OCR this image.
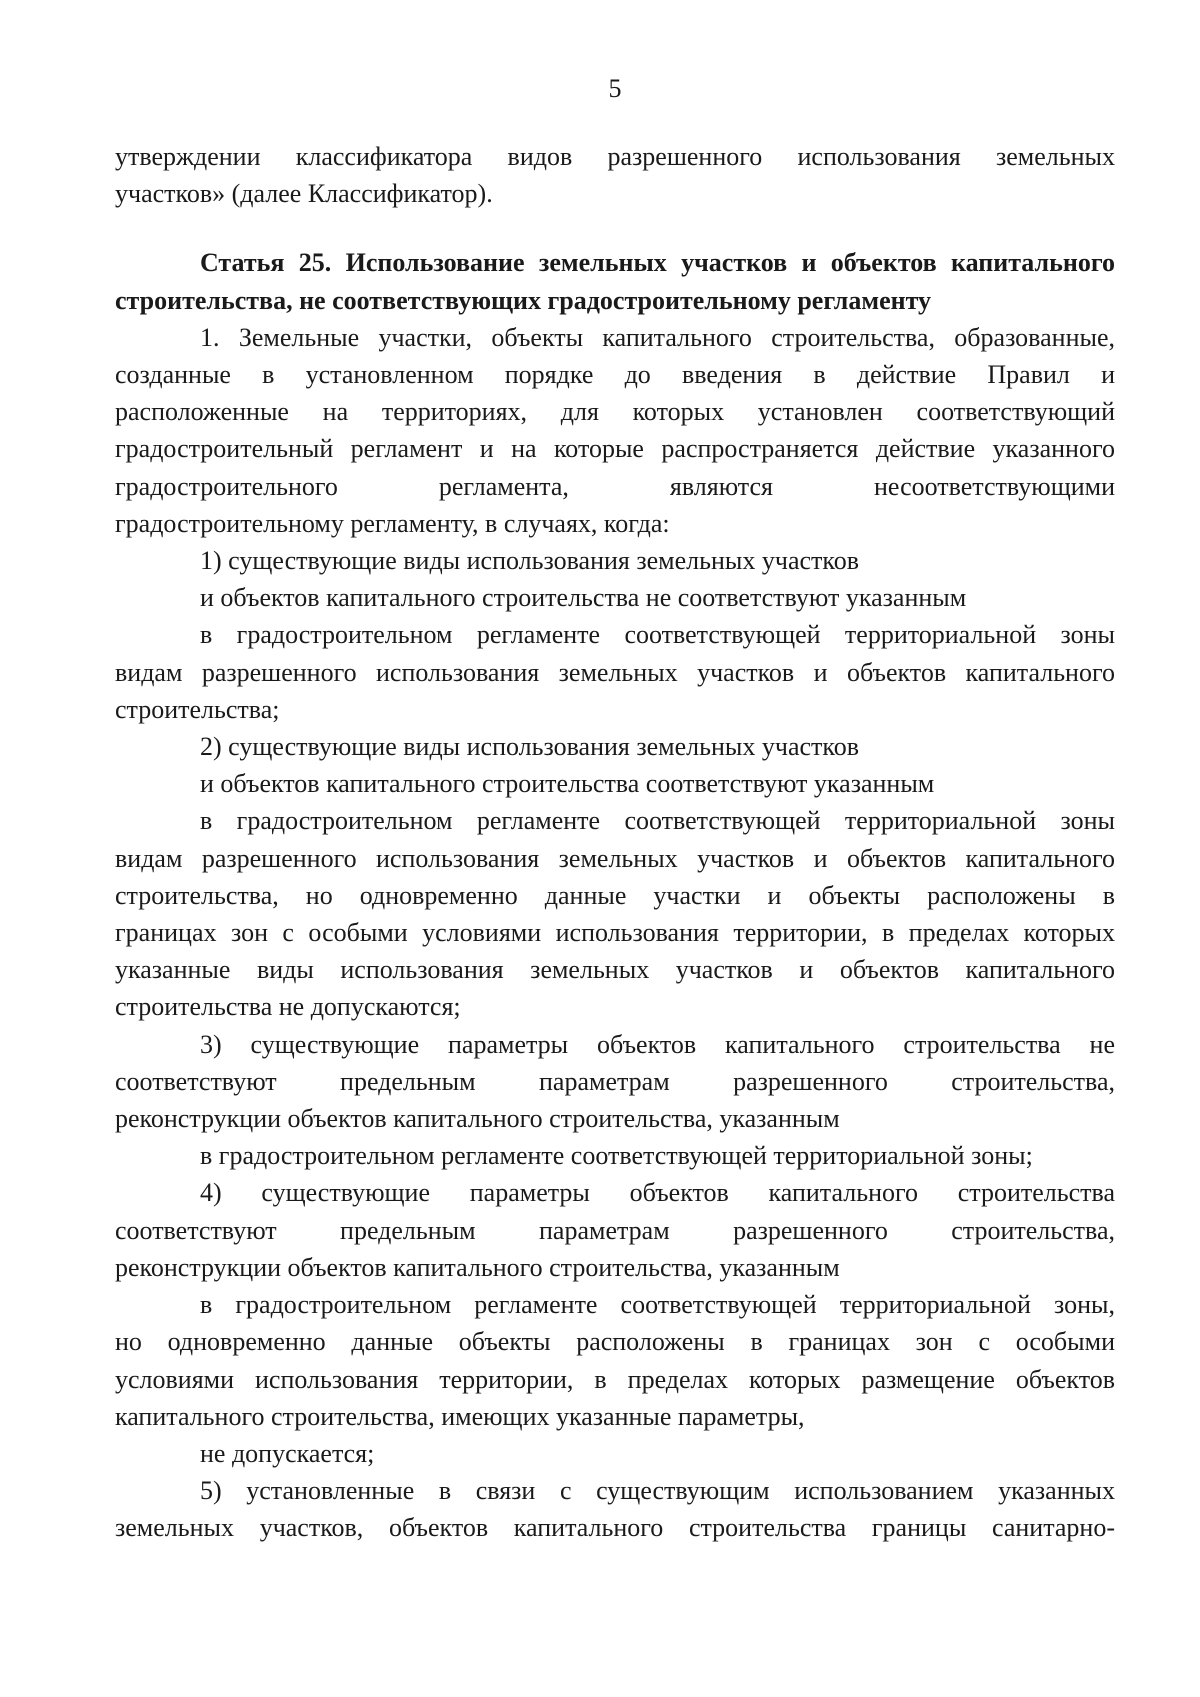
5
утверждении классификатора видов разрешенного использования земельных
участков» (далее Классификатор).
Статья 25. Использование земельных участков и объектов капитального
строительства, не соответствующих градостроительному регламенту
1. Земельные участки, объекты капитального строительства, образованные,
созданные в установленном порядке до введения в действие Правил и
расположенные на территориях, для которых установлен соответствующий
градостроительный регламент и на которые распространяется действие указанного
градостроительного регламента, являются несоответствующими
градостроительному регламенту, в случаях, когда:
1) существующие виды использования земельных участков
и объектов капитального строительства не соответствуют указанным
в градостроительном регламенте соответствующей территориальной зоны
видам разрешенного использования земельных участков и объектов капитального
строительства;
2) существующие виды использования земельных участков
и объектов капитального строительства соответствуют указанным
в градостроительном регламенте соответствующей территориальной зоны
видам разрешенного использования земельных участков и объектов капитального
строительства, но одновременно данные участки и объекты расположены в
границах зон с особыми условиями использования территории, в пределах которых
указанные виды использования земельных участков и объектов капитального
строительства не допускаются;
3) существующие параметры объектов капитального строительства не
соответствуют предельным параметрам разрешенного строительства,
реконструкции объектов капитального строительства, указанным
в градостроительном регламенте соответствующей территориальной зоны;
4) существующие параметры объектов капитального строительства
соответствуют предельным параметрам разрешенного строительства,
реконструкции объектов капитального строительства, указанным
в градостроительном регламенте соответствующей территориальной зоны,
но одновременно данные объекты расположены в границах зон с особыми
условиями использования территории, в пределах которых размещение объектов
капитального строительства, имеющих указанные параметры,
не допускается;
5) установленные в связи с существующим использованием указанных
земельных участков, объектов капитального строительства границы санитарно-
